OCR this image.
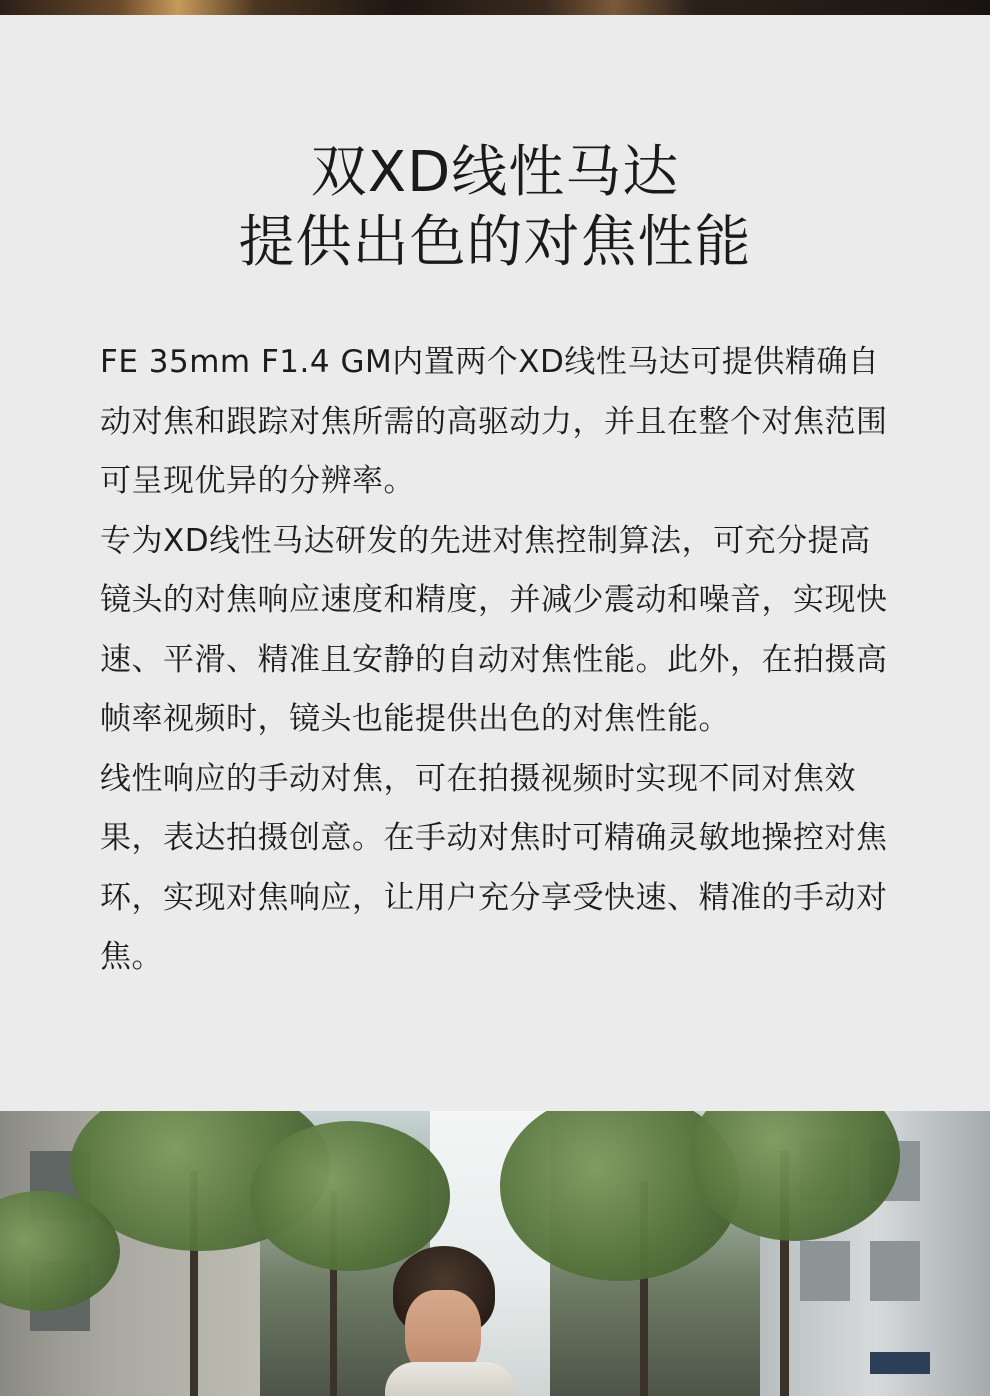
双XD线性马达
提供出色的对焦性能

FE 35mm F1.4 GM内置两个XD线性马达可提供精确自动对焦和跟踪对焦所需的高驱动力，并且在整个对焦范围可呈现优异的分辨率。

专为XD线性马达研发的先进对焦控制算法，可充分提高镜头的对焦响应速度和精度，并减少震动和噪音，实现快速、平滑、精准且安静的自动对焦性能。此外，在拍摄高帧率视频时，镜头也能提供出色的对焦性能。

线性响应的手动对焦，可在拍摄视频时实现不同对焦效果，表达拍摄创意。在手动对焦时可精确灵敏地操控对焦环，实现对焦响应，让用户充分享受快速、精准的手动对焦。
